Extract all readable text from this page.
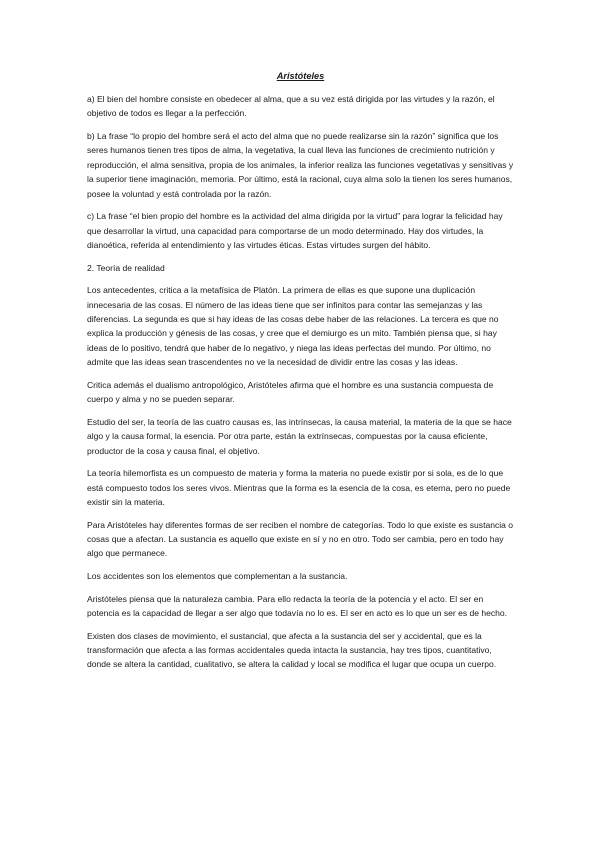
Aristóteles

a) El bien del hombre consiste en obedecer al alma, que a su vez está dirigida por las virtudes y la razón, el objetivo de todos es llegar a la perfección.

b) La frase “lo propio del hombre será el acto del alma que no puede realizarse sin la razón” significa que los seres humanos tienen tres tipos de alma, la vegetativa, la cual lleva las funciones de crecimiento nutrición y reproducción, el alma sensitiva, propia de los animales, la inferior realiza las funciones vegetativas y sensitivas y la superior tiene imaginación, memoria. Por último, está la racional, cuya alma solo la tienen los seres humanos, posee la voluntad y está controlada por la razón.

c) La frase “el bien propio del hombre es la actividad del alma dirigida por la virtud” para lograr la felicidad hay que desarrollar la virtud, una capacidad para comportarse de un modo determinado. Hay dos virtudes, la dianoética, referida al entendimiento y las virtudes éticas. Estas virtudes surgen del hábito.

2. Teoría de realidad

Los antecedentes, critica a la metafísica de Platón. La primera de ellas es que supone una duplicación innecesaria de las cosas. El número de las ideas tiene que ser infinitos para contar las semejanzas y las diferencias. La segunda es que si hay ideas de las cosas debe haber de las relaciones. La tercera es que no explica la producción y génesis de las cosas, y cree que el demiurgo es un mito. También piensa que, si hay ideas de lo positivo, tendrá que haber de lo negativo, y niega las ideas perfectas del mundo. Por último, no admite que las ideas sean trascendentes no ve la necesidad de dividir entre las cosas y las ideas.

Critica además el dualismo antropológico, Aristóteles afirma que el hombre es una sustancia compuesta de cuerpo y alma y no se pueden separar.

Estudio del ser, la teoría de las cuatro causas es, las intrínsecas, la causa material, la materia de la que se hace algo y la causa formal, la esencia. Por otra parte, están la extrínsecas, compuestas por la causa eficiente, productor de la cosa y causa final, el objetivo.

La teoría hilemorfista es un compuesto de materia y forma la materia no puede existir por si sola, es de lo que está compuesto todos los seres vivos. Mientras que la forma es la esencia de la cosa, es eterna, pero no puede existir sin la materia.

Para Aristóteles hay diferentes formas de ser reciben el nombre de categorías. Todo lo que existe es sustancia o cosas que a afectan. La sustancia es aquello que existe en sí y no en otro. Todo ser cambia, pero en todo hay algo que permanece.

Los accidentes son los elementos que complementan a la sustancia.

Aristóteles piensa que la naturaleza cambia. Para ello redacta la teoría de la potencia y el acto. El ser en potencia es la capacidad de llegar a ser algo que todavía no lo es. El ser en acto es lo que un ser es de hecho.

Existen dos clases de movimiento, el sustancial, que afecta a la sustancia del ser y accidental, que es la transformación que afecta a las formas accidentales queda intacta la sustancia, hay tres tipos, cuantitativo, donde se altera la cantidad, cualitativo, se altera la calidad y local se modifica el lugar que ocupa un cuerpo.
